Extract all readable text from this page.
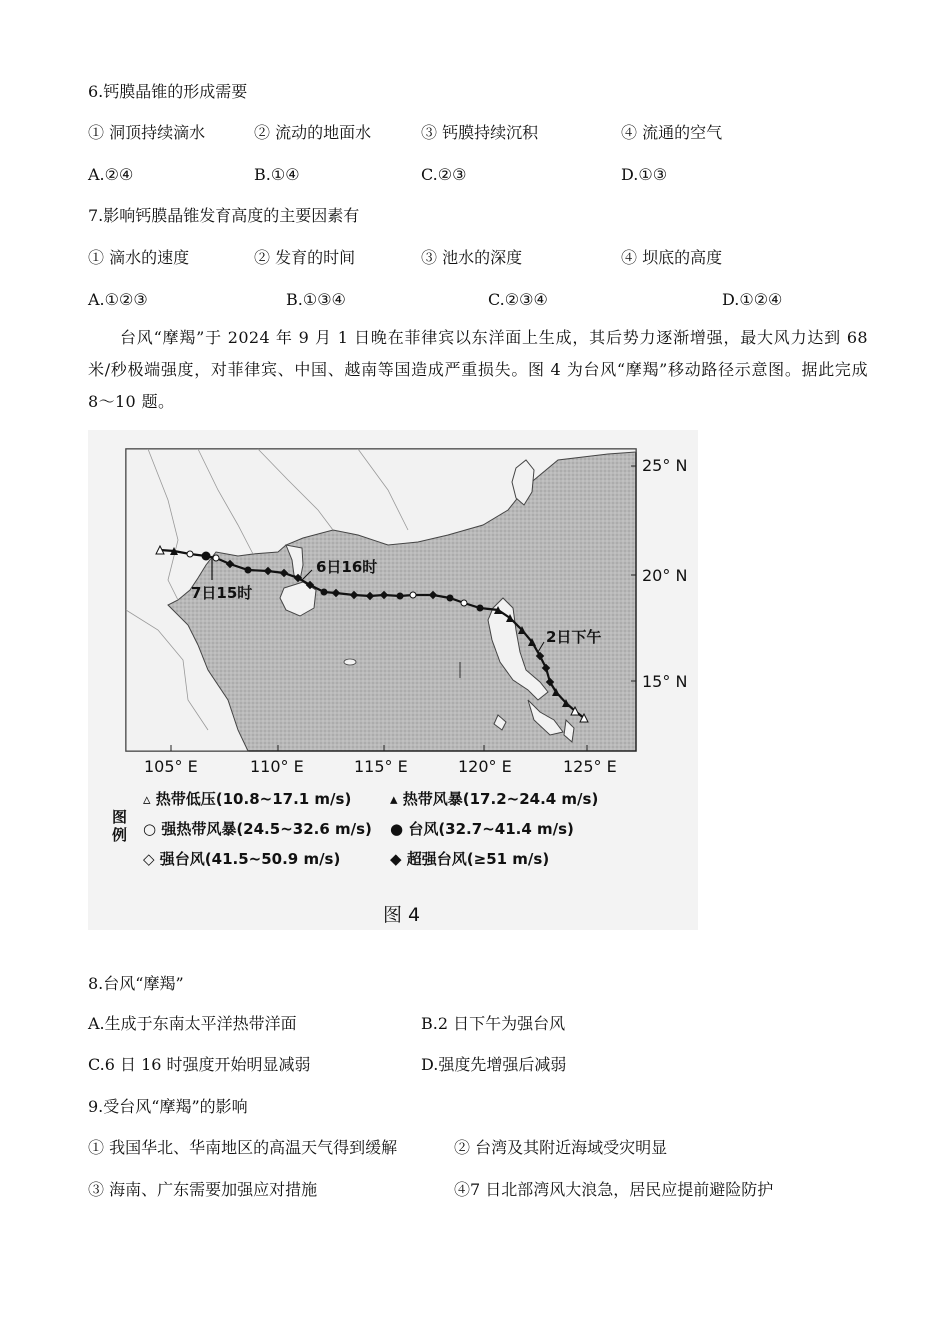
6.钙膜晶锥的形成需要
① 洞顶持续滴水	② 流动的地面水	③ 钙膜持续沉积	④ 流通的空气
A.②④	B.①④	C.②③	D.①③
7.影响钙膜晶锥发育高度的主要因素有
① 滴水的速度	② 发育的时间	③ 池水的深度	④ 坝底的高度
A.①②③	B.①③④	C.②③④	D.①②④
台风“摩羯”于 2024 年 9 月 1 日晚在菲律宾以东洋面上生成，其后势力逐渐增强，最大风力达到 68 米/秒极端强度，对菲律宾、中国、越南等国造成严重损失。图 4 为台风“摩羯”移动路径示意图。据此完成 8～10 题。
6日16时
7日15时
2日下午
25° N
20° N
15° N
105° E	110° E	115° E	120° E	125° E
图例
▵ 热带低压(10.8~17.1 m/s)	▴ 热带风暴(17.2~24.4 m/s)
○ 强热带风暴(24.5~32.6 m/s) ● 台风(32.7~41.4 m/s)
◇ 强台风(41.5~50.9 m/s)	◆ 超强台风(≥51 m/s)
图 4
8.台风“摩羯”
A.生成于东南太平洋热带洋面	B.2 日下午为强台风
C.6 日 16 时强度开始明显减弱	D.强度先增强后减弱
9.受台风“摩羯”的影响
① 我国华北、华南地区的高温天气得到缓解	② 台湾及其附近海域受灾明显
③ 海南、广东需要加强应对措施	④7 日北部湾风大浪急，居民应提前避险防护
